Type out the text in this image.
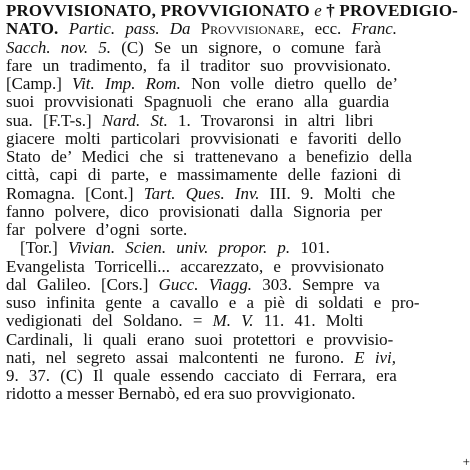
PROVVISIONATO, PROVVIGIONATO e † PROVEDIGIO-
NATO. Partic. pass. Da Provvisionare, ecc. Franc.
Sacch. nov. 5. (C) Se un signore, o comune farà
fare un tradimento, fa il traditor suo provvisionato.
[Camp.] Vit. Imp. Rom. Non volle dietro quello de’
suoi provvisionati Spagnuoli che erano alla guardia
sua. [F.T-s.] Nard. St. 1. Trovaronsi in altri libri
giacere molti particolari provvisionati e favoriti dello
Stato de’ Medici che si trattenevano a benefizio della
città, capi di parte, e massimamente delle fazioni di
Romagna. [Cont.] Tart. Ques. Inv. III. 9. Molti che
fanno polvere, dico provisionati dalla Signoria per
far polvere d’ogni sorte.
[Tor.] Vivian. Scien. univ. propor. p. 101.
Evangelista Torricelli... accarezzato, e provvisionato
dal Galileo. [Cors.] Gucc. Viagg. 303. Sempre va
suso infinita gente a cavallo e a piè di soldati e pro-
vedigionati del Soldano. = M. V. 11. 41. Molti
Cardinali, li quali erano suoi protettori e provvisio-
nati, nel segreto assai malcontenti ne furono. E ivi,
9. 37. (C) Il quale essendo cacciato di Ferrara, era
ridotto a messer Bernabò, ed era suo provvigionato.
+
